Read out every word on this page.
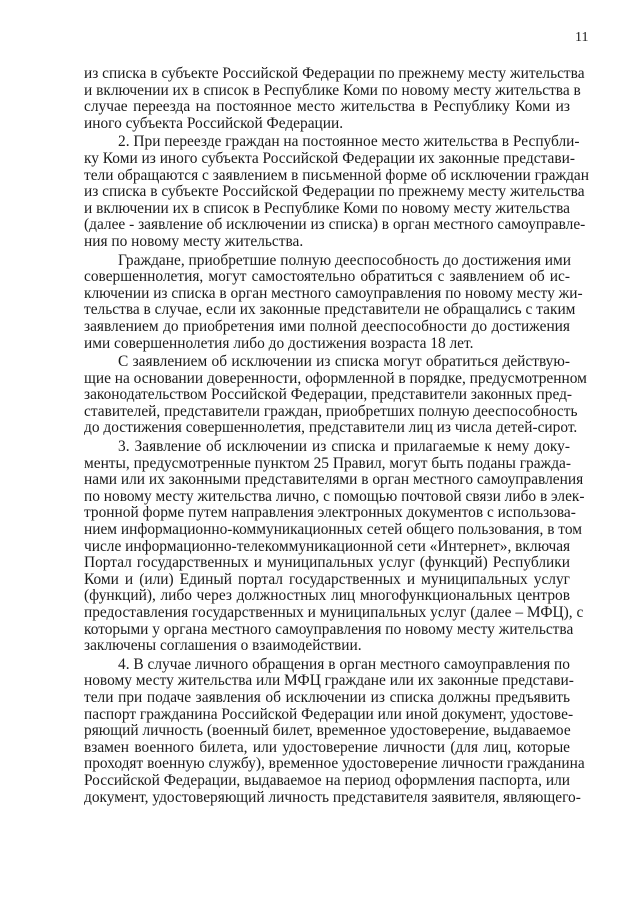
11
из списка в субъекте Российской Федерации по прежнему месту жительства
и включении их в список в Республике Коми по новому месту жительства в
случае переезда на постоянное место жительства в Республику Коми из
иного субъекта Российской Федерации.
2. При переезде граждан на постоянное место жительства в Республи-
ку Коми из иного субъекта Российской Федерации их законные представи-
тели обращаются с заявлением в письменной форме об исключении граждан
из списка в субъекте Российской Федерации по прежнему месту жительства
и включении их в список в Республике Коми по новому месту жительства
(далее - заявление об исключении из списка) в орган местного самоуправле-
ния по новому месту жительства.
Граждане, приобретшие полную дееспособность до достижения ими
совершеннолетия, могут самостоятельно обратиться с заявлением об ис-
ключении из списка в орган местного самоуправления по новому месту жи-
тельства в случае, если их законные представители не обращались с таким
заявлением до приобретения ими полной дееспособности до достижения
ими совершеннолетия либо до достижения возраста 18 лет.
С заявлением об исключении из списка могут обратиться действую-
щие на основании доверенности, оформленной в порядке, предусмотренном
законодательством Российской Федерации, представители законных пред-
ставителей, представители граждан, приобретших полную дееспособность
до достижения совершеннолетия, представители лиц из числа детей-сирот.
3. Заявление об исключении из списка и прилагаемые к нему доку-
менты, предусмотренные пунктом 25 Правил, могут быть поданы гражда-
нами или их законными представителями в орган местного самоуправления
по новому месту жительства лично, с помощью почтовой связи либо в элек-
тронной форме путем направления электронных документов с использова-
нием информационно-коммуникационных сетей общего пользования, в том
числе информационно-телекоммуникационной сети «Интернет», включая
Портал государственных и муниципальных услуг (функций) Республики
Коми и (или) Единый портал государственных и муниципальных услуг
(функций), либо через должностных лиц многофункциональных центров
предоставления государственных и муниципальных услуг (далее – МФЦ), с
которыми у органа местного самоуправления по новому месту жительства
заключены соглашения о взаимодействии.
4. В случае личного обращения в орган местного самоуправления по
новому месту жительства или МФЦ граждане или их законные представи-
тели при подаче заявления об исключении из списка должны предъявить
паспорт гражданина Российской Федерации или иной документ, удостове-
ряющий личность (военный билет, временное удостоверение, выдаваемое
взамен военного билета, или удостоверение личности (для лиц, которые
проходят военную службу), временное удостоверение личности гражданина
Российской Федерации, выдаваемое на период оформления паспорта, или
документ, удостоверяющий личность представителя заявителя, являющего-
